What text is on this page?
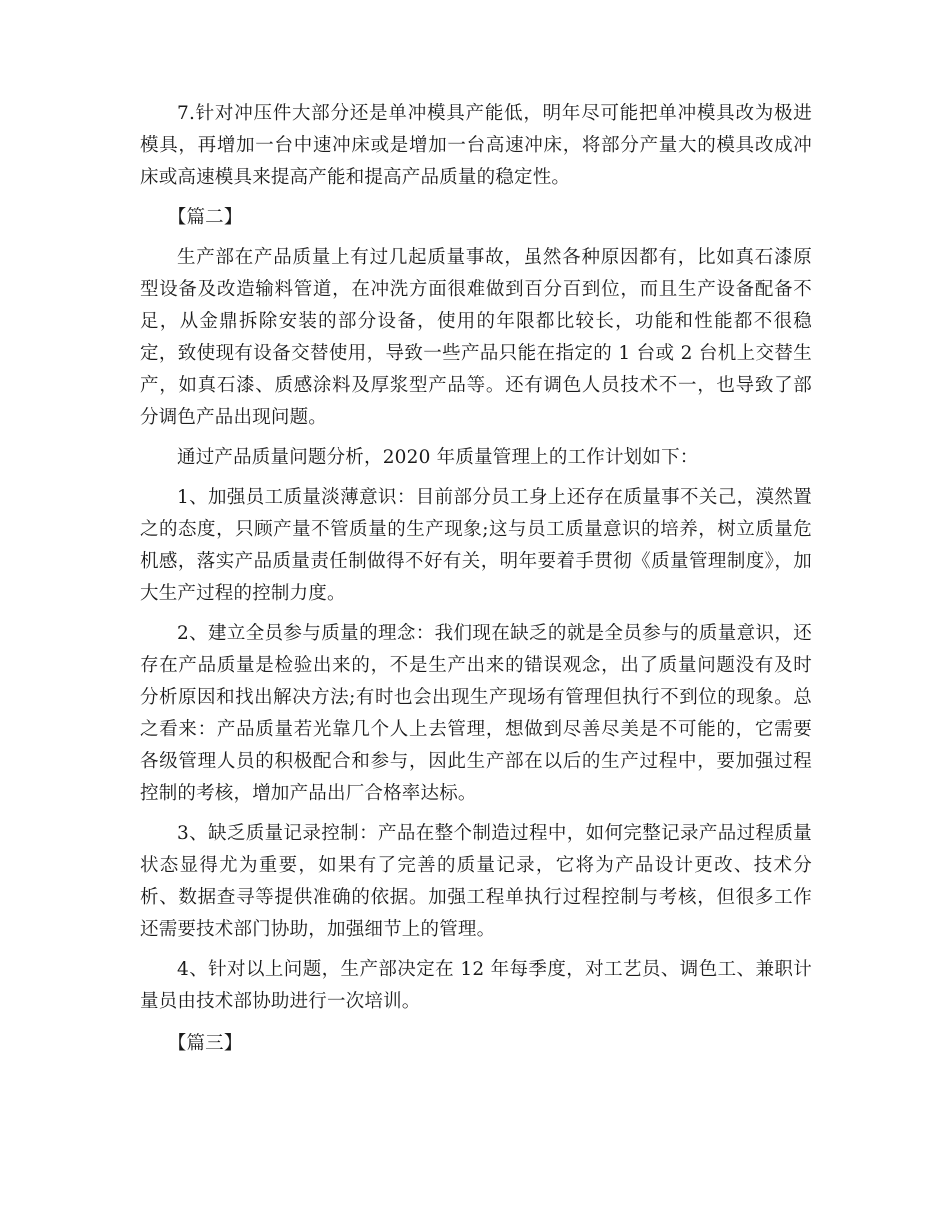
7.针对冲压件大部分还是单冲模具产能低，明年尽可能把单冲模具改为极进模具，再增加一台中速冲床或是增加一台高速冲床，将部分产量大的模具改成冲床或高速模具来提高产能和提高产品质量的稳定性。

【篇二】

生产部在产品质量上有过几起质量事故，虽然各种原因都有，比如真石漆原型设备及改造输料管道，在冲洗方面很难做到百分百到位，而且生产设备配备不足，从金鼎拆除安装的部分设备，使用的年限都比较长，功能和性能都不很稳定，致使现有设备交替使用，导致一些产品只能在指定的 1 台或 2 台机上交替生产，如真石漆、质感涂料及厚浆型产品等。还有调色人员技术不一，也导致了部分调色产品出现问题。

通过产品质量问题分析，2020 年质量管理上的工作计划如下：

1、加强员工质量淡薄意识：目前部分员工身上还存在质量事不关己，漠然置之的态度，只顾产量不管质量的生产现象;这与员工质量意识的培养，树立质量危机感，落实产品质量责任制做得不好有关，明年要着手贯彻《质量管理制度》，加大生产过程的控制力度。

2、建立全员参与质量的理念：我们现在缺乏的就是全员参与的质量意识，还存在产品质量是检验出来的，不是生产出来的错误观念，出了质量问题没有及时分析原因和找出解决方法;有时也会出现生产现场有管理但执行不到位的现象。总之看来：产品质量若光靠几个人上去管理，想做到尽善尽美是不可能的，它需要各级管理人员的积极配合和参与，因此生产部在以后的生产过程中，要加强过程控制的考核，增加产品出厂合格率达标。

3、缺乏质量记录控制：产品在整个制造过程中，如何完整记录产品过程质量状态显得尤为重要，如果有了完善的质量记录，它将为产品设计更改、技术分析、数据查寻等提供准确的依据。加强工程单执行过程控制与考核，但很多工作还需要技术部门协助，加强细节上的管理。

4、针对以上问题，生产部决定在 12 年每季度，对工艺员、调色工、兼职计量员由技术部协助进行一次培训。

【篇三】
